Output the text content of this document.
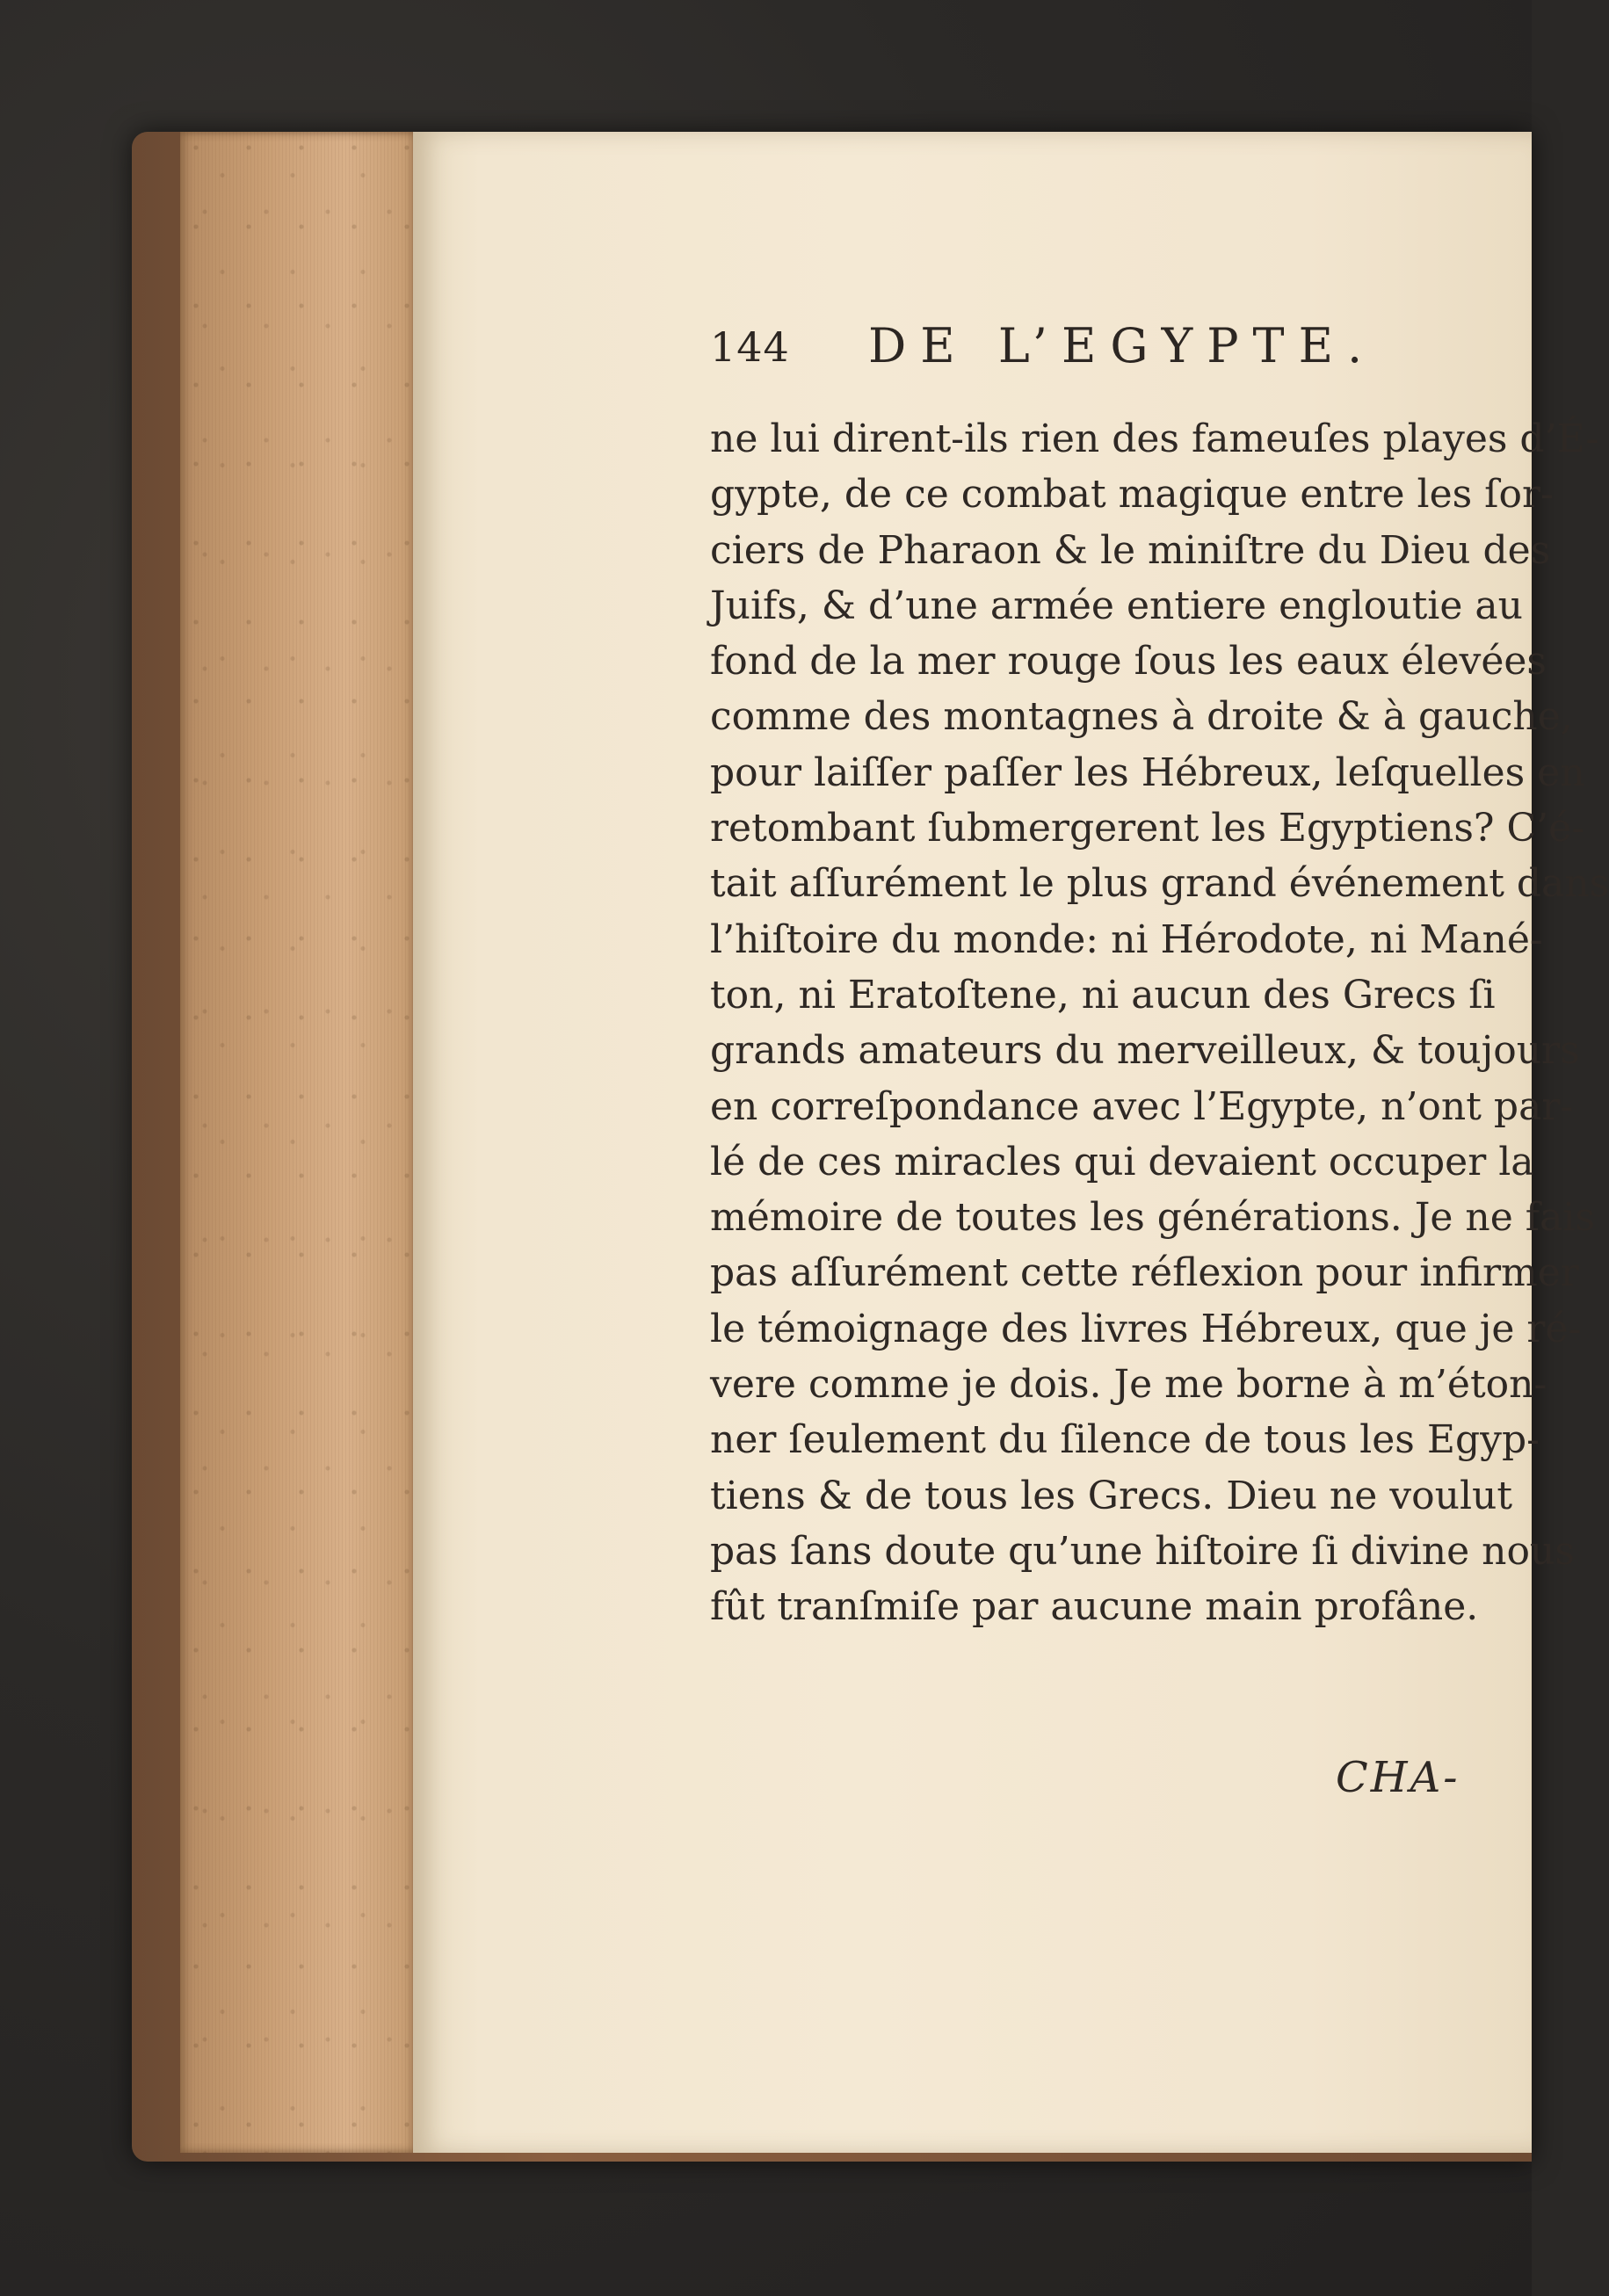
144 DE L’EGYPTE.
ne lui dirent-ils rien des fameuſes playes d’É-
gypte, de ce combat magique entre les ſor-
ciers de Pharaon & le miniſtre du Dieu des
Juifs, & d’une armée entiere engloutie au
fond de la mer rouge ſous les eaux élevées
comme des montagnes à droite & à gauche,
pour laiſſer paſſer les Hébreux, leſquelles en
retombant ſubmergerent les Egyptiens? C’é-
tait aſſurément le plus grand événement dans
l’hiſtoire du monde: ni Hérodote, ni Mané-
ton, ni Eratoſtene, ni aucun des Grecs ſi
grands amateurs du merveilleux, & toujours
en correſpondance avec l’Egypte, n’ont par-
lé de ces miracles qui devaient occuper la
mémoire de toutes les générations. Je ne fais
pas aſſurément cette réflexion pour infirmer
le témoignage des livres Hébreux, que je ré-
vere comme je dois. Je me borne à m’éton-
ner ſeulement du ſilence de tous les Egyp-
tiens & de tous les Grecs. Dieu ne voulut
pas ſans doute qu’une hiſtoire ſi divine nous
fût tranſmiſe par aucune main profâne.
CHA-
